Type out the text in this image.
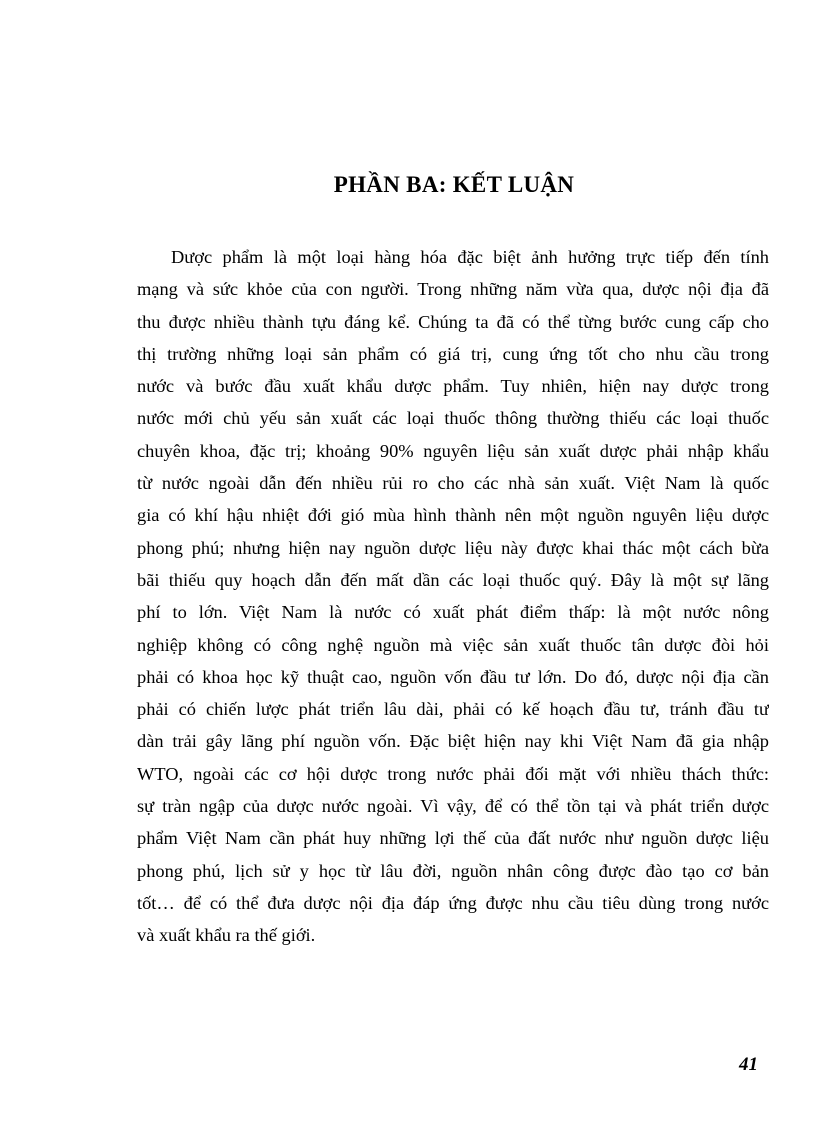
PHẦN BA: KẾT LUẬN

Dược phẩm là một loại hàng hóa đặc biệt ảnh hưởng trực tiếp đến tính
mạng và sức khỏe của con người. Trong những năm vừa qua, dược nội địa đã
thu được nhiều thành tựu đáng kể. Chúng ta đã có thể từng bước cung cấp cho
thị trường những loại sản phẩm có giá trị, cung ứng tốt cho nhu cầu trong
nước và bước đầu xuất khẩu dược phẩm. Tuy nhiên, hiện nay dược trong
nước mới chủ yếu sản xuất các loại thuốc thông thường thiếu các loại thuốc
chuyên khoa, đặc trị; khoảng 90% nguyên liệu sản xuất dược phải nhập khẩu
từ nước ngoài dẫn đến nhiều rủi ro cho các nhà sản xuất. Việt Nam là quốc
gia có khí hậu nhiệt đới gió mùa hình thành nên một nguồn nguyên liệu dược
phong phú; nhưng hiện nay nguồn dược liệu này được khai thác một cách bừa
bãi thiếu quy hoạch dẫn đến mất dần các loại thuốc quý. Đây là một sự lãng
phí to lớn. Việt Nam là nước có xuất phát điểm thấp: là một nước nông
nghiệp không có công nghệ nguồn mà việc sản xuất thuốc tân dược đòi hỏi
phải có khoa học kỹ thuật cao, nguồn vốn đầu tư lớn. Do đó, dược nội địa cần
phải có chiến lược phát triển lâu dài, phải có kế hoạch đầu tư, tránh đầu tư
dàn trải gây lãng phí nguồn vốn. Đặc biệt hiện nay khi Việt Nam đã gia nhập
WTO, ngoài các cơ hội dược trong nước phải đối mặt với nhiều thách thức:
sự tràn ngập của dược nước ngoài. Vì vậy, để có thể tồn tại và phát triển dược
phẩm Việt Nam cần phát huy những lợi thế của đất nước như nguồn dược liệu
phong phú, lịch sử y học từ lâu đời, nguồn nhân công được đào tạo cơ bản
tốt… để có thể đưa dược nội địa đáp ứng được nhu cầu tiêu dùng trong nước
và xuất khẩu ra thế giới.

41
